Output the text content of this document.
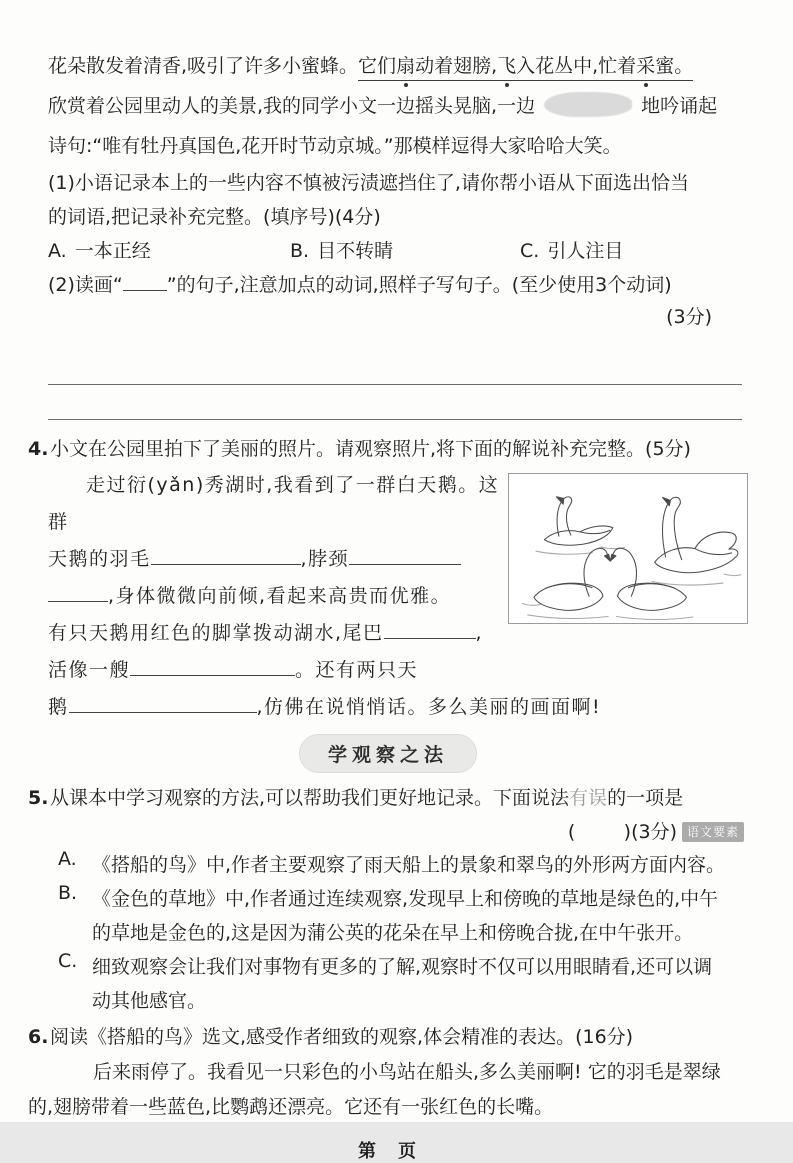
花朵散发着清香,吸引了许多小蜜蜂。它们扇动着翅膀,飞入花丛中,忙着采蜜。

欣赏着公园里动人的美景,我的同学小文一边摇头晃脑,一边	地吟诵起

诗句:“唯有牡丹真国色,花开时节动京城。”那模样逗得大家哈哈大笑。

(1)小语记录本上的一些内容不慎被污渍遮挡住了,请你帮小语从下面选出恰当

的词语,把记录补充完整。(填序号)(4分)

A. 一本正经	B. 目不转睛	C. 引人注目

(2)读画“ ”的句子,注意加点的动词,照样子写句子。(至少使用3个动词)

(3分)

4. 小文在公园里拍下了美丽的照片。请观察照片,将下面的解说补充完整。(5分)

走过衍(yǎn)秀湖时,我看到了一群白天鹅。这群

天鹅的羽毛	,脖颈

,身体微微向前倾,看起来高贵而优雅。

有只天鹅用红色的脚掌拨动湖水,尾巴	,

活像一艘	。还有两只天

鹅	,仿佛在说悄悄话。多么美丽的画面啊!

学观察之法
5. 从课本中学习观察的方法,可以帮助我们更好地记录。下面说法有误的一项是

(        )(3分) 语文要素

A. 《搭船的鸟》中,作者主要观察了雨天船上的景象和翠鸟的外形两方面内容。
B. 《金色的草地》中,作者通过连续观察,发现早上和傍晚的草地是绿色的,中午
的草地是金色的,这是因为蒲公英的花朵在早上和傍晚合拢,在中午张开。
C. 细致观察会让我们对事物有更多的了解,观察时不仅可以用眼睛看,还可以调
动其他感官。
6. 阅读《搭船的鸟》选文,感受作者细致的观察,体会精准的表达。(16分)

后来雨停了。我看见一只彩色的小鸟站在船头,多么美丽啊! 它的羽毛是翠绿

的,翅膀带着一些蓝色,比鹦鹉还漂亮。它还有一张红色的长嘴。

第　页
